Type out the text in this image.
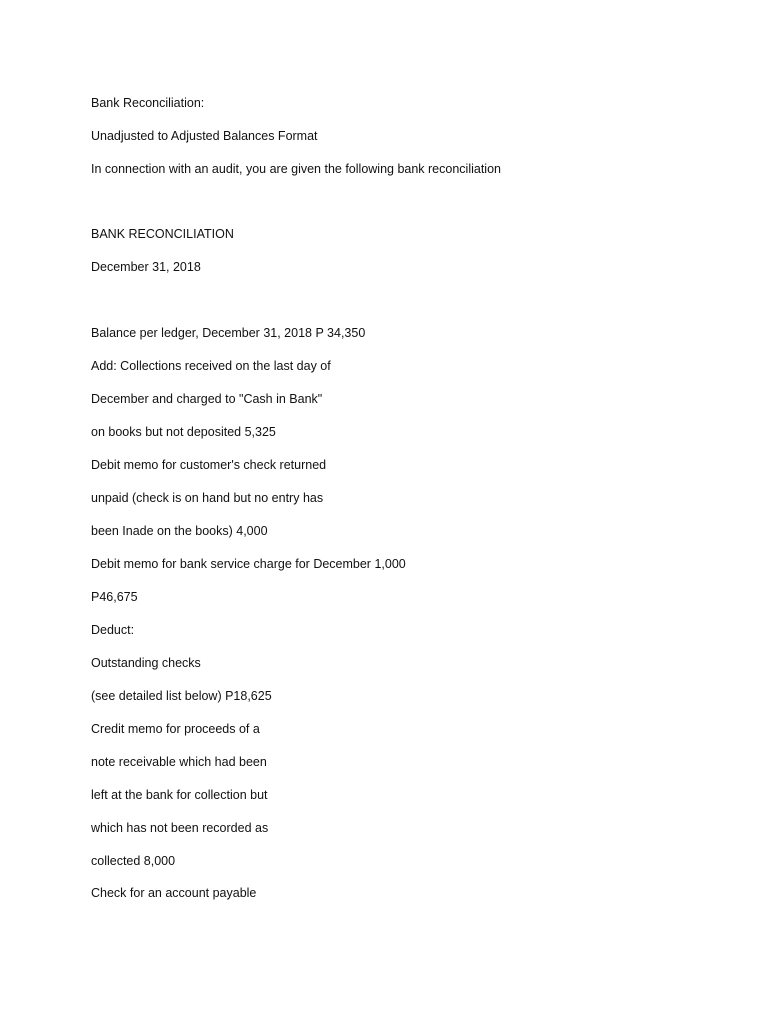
Bank Reconciliation:
Unadjusted to Adjusted Balances Format
In connection with an audit, you are given the following bank reconciliation
BANK RECONCILIATION
December 31, 2018
Balance per ledger, December 31, 2018 P 34,350
Add: Collections received on the last day of
December and charged to "Cash in Bank"
on books but not deposited 5,325
Debit memo for customer's check returned
unpaid (check is on hand but no entry has
been Inade on the books) 4,000
Debit memo for bank service charge for December 1,000
P46,675
Deduct:
Outstanding checks
(see detailed list below) P18,625
Credit memo for proceeds of a
note receivable which had been
left at the bank for collection but
which has not been recorded as
collected 8,000
Check for an account payable
